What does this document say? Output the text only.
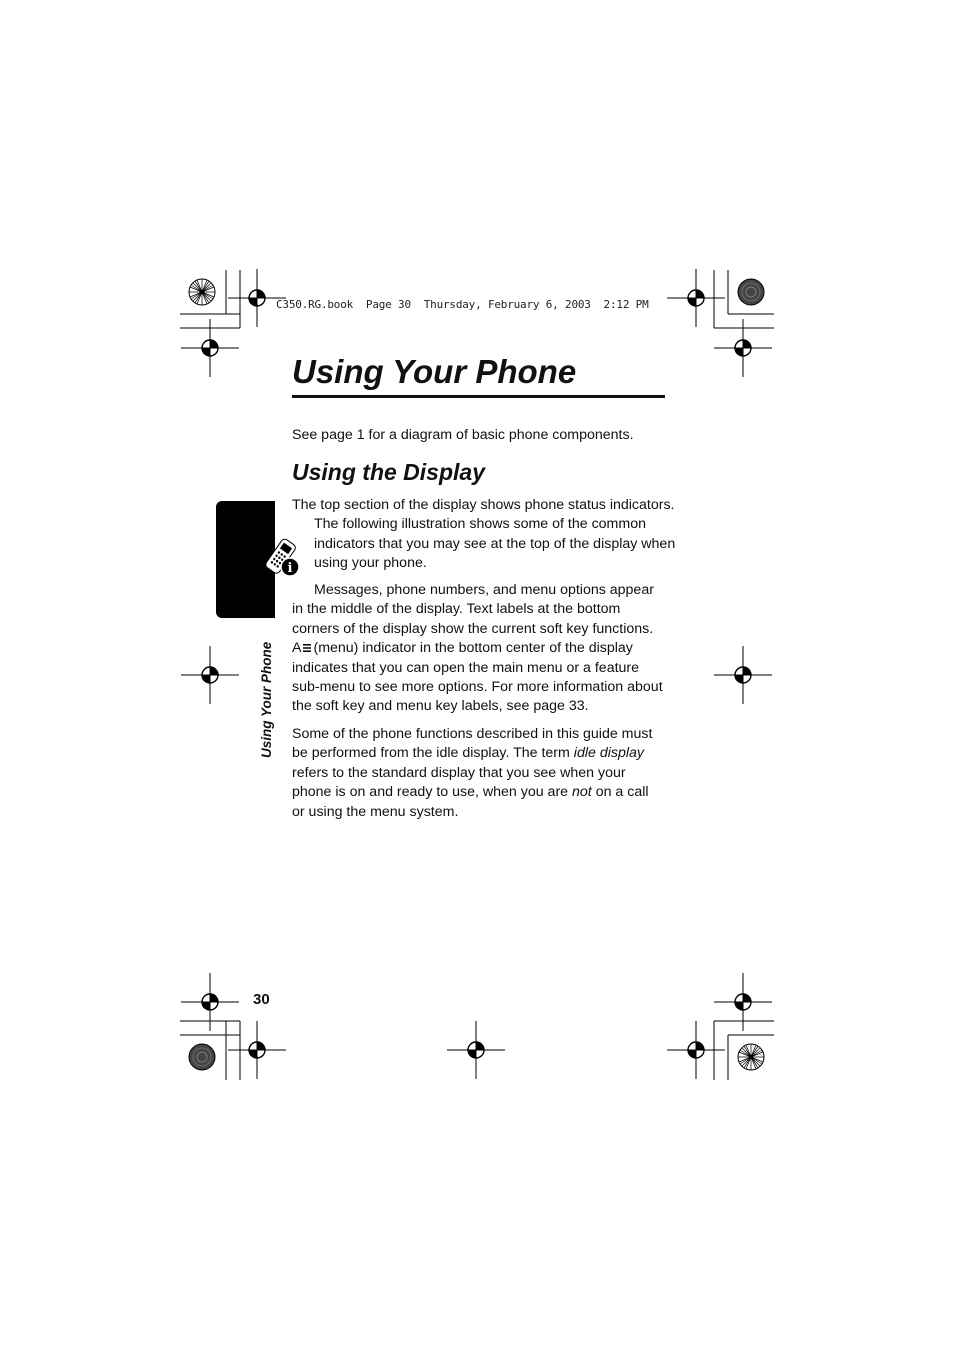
C350.RG.book  Page 30  Thursday, February 6, 2003  2:12 PM
Using Your Phone

See page 1 for a diagram of basic phone components.

Using the Display

The top section of the display shows phone status indicators. The following illustration shows some of the common indicators that you may see at the top of the display when using your phone.

Messages, phone numbers, and menu options appear in the middle of the display. Text labels at the bottom corners of the display show the current soft key functions. A (menu) indicator in the bottom center of the display indicates that you can open the main menu or a feature sub-menu to see more options. For more information about the soft key and menu key labels, see page 33.

Some of the phone functions described in this guide must be performed from the idle display. The term idle display refers to the standard display that you see when your phone is on and ready to use, when you are not on a call or using the menu system.

i
Using Your Phone
30
